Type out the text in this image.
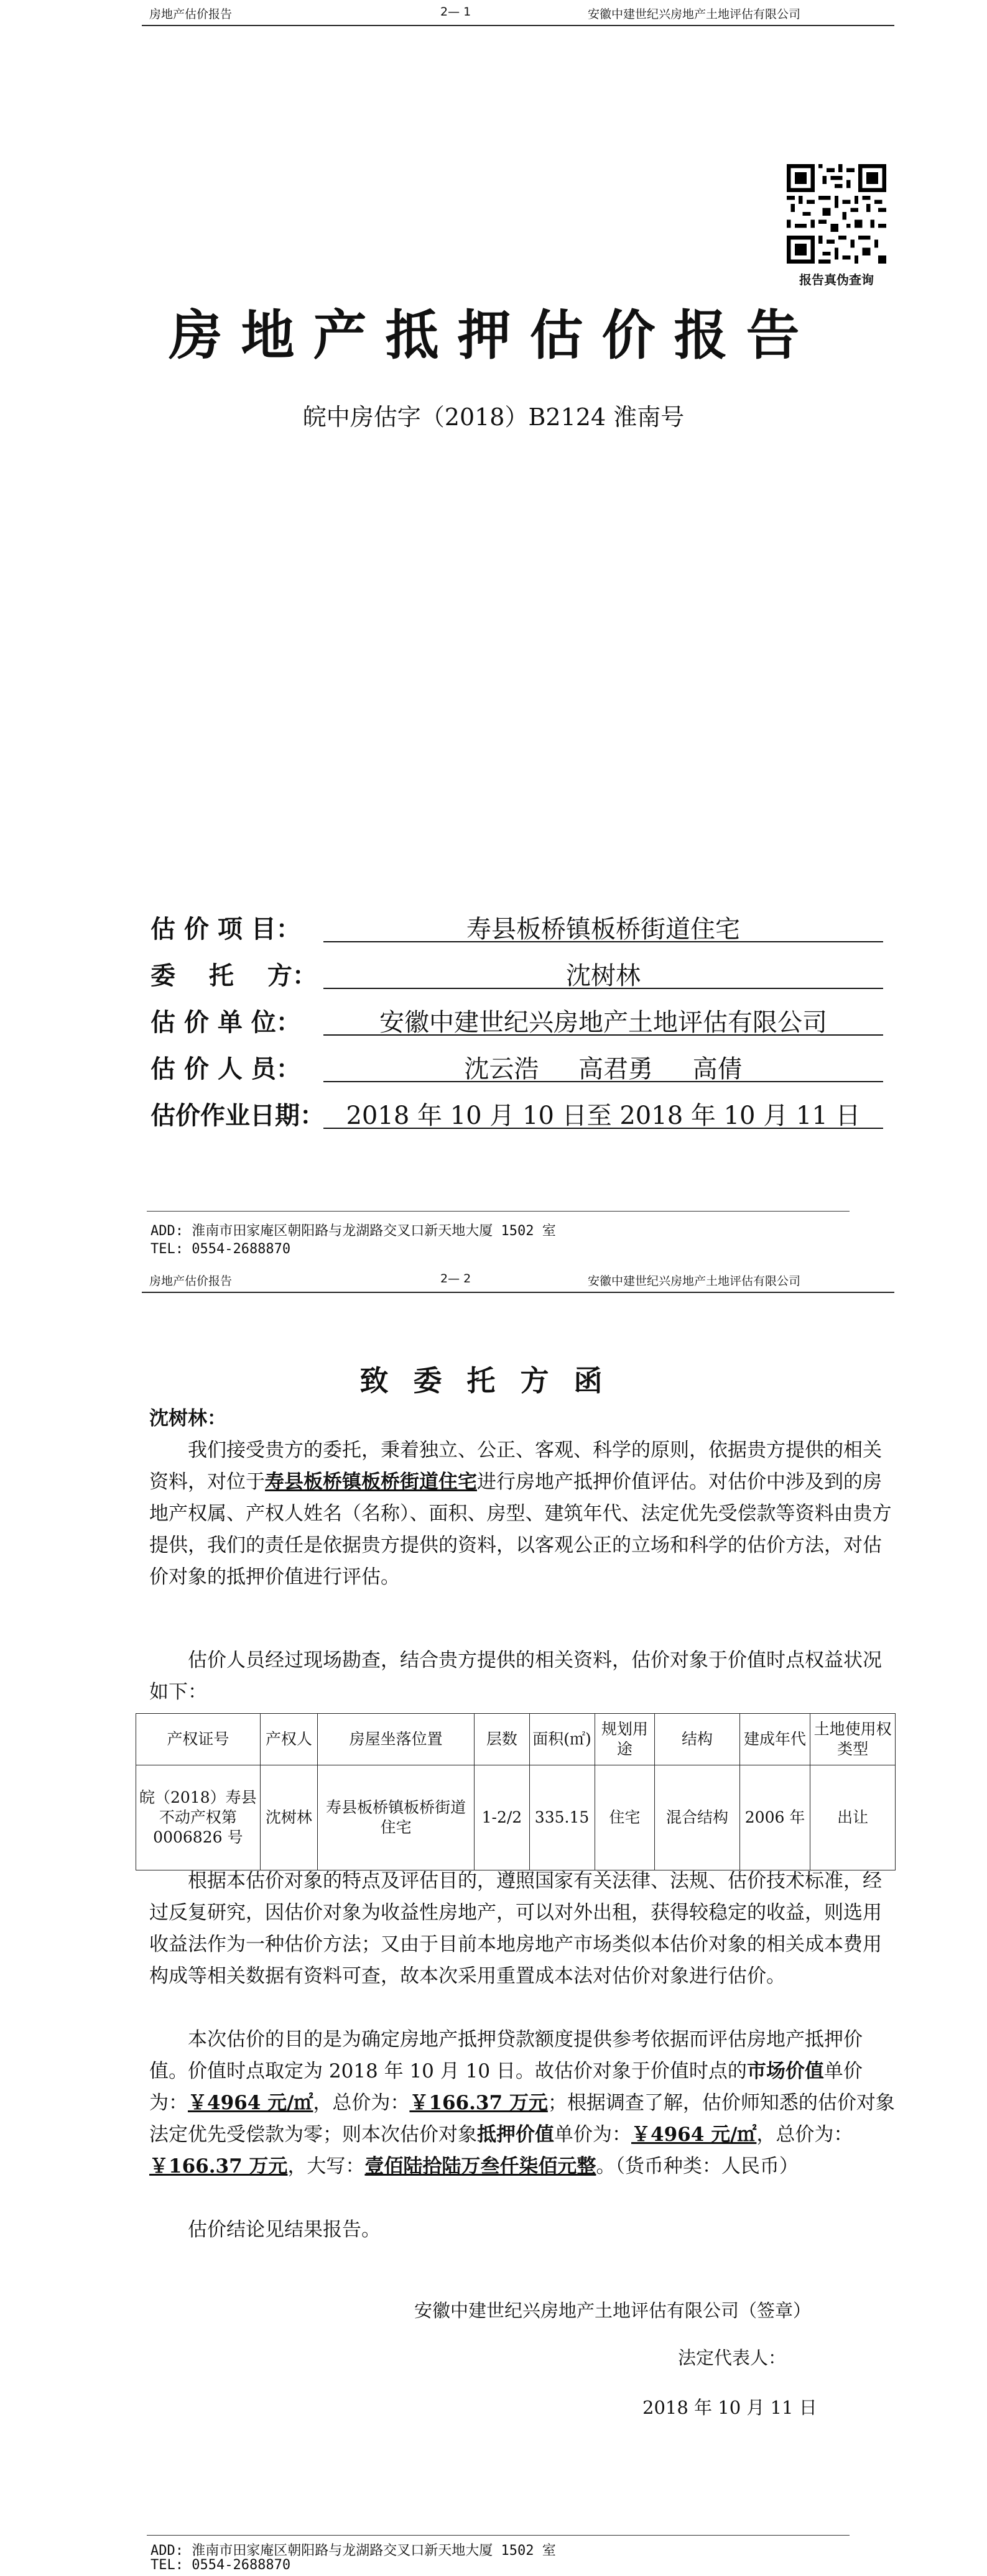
房地产估价报告	2— 1	安徽中建世纪兴房地产土地评估有限公司
报告真伪查询
房地产抵押估价报告
皖中房估字（2018）B2124 淮南号
估 价 项 目：	寿县板桥镇板桥街道住宅
委　 托　 方：	沈树林
估 价 单 位：	安徽中建世纪兴房地产土地评估有限公司
估 价 人 员：	沈云浩     高君勇     高倩
估价作业日期： 2018 年 10 月 10 日至 2018 年 10 月 11 日
ADD: 淮南市田家庵区朝阳路与龙湖路交叉口新天地大厦 1502 室
TEL: 0554-2688870
房地产估价报告	2— 2	安徽中建世纪兴房地产土地评估有限公司
致委托方函
沈树林：
我们接受贵方的委托，秉着独立、公正、客观、科学的原则，依据贵方提供的相关资料，对位于寿县板桥镇板桥街道住宅进行房地产抵押价值评估。对估价中涉及到的房地产权属、产权人姓名（名称）、面积、房型、建筑年代、法定优先受偿款等资料由贵方提供，我们的责任是依据贵方提供的资料，以客观公正的立场和科学的估价方法，对估价对象的抵押价值进行评估。
估价人员经过现场勘查，结合贵方提供的相关资料，估价对象于价值时点权益状况如下：
产权证号	产权人	房屋坐落位置	层数	面积(㎡)	规划用途	结构	建成年代	土地使用权类型
皖（2018）寿县不动产权第 0006826 号	沈树林	寿县板桥镇板桥街道住宅	1-2/2	335.15	住宅	混合结构	2006 年	出让
根据本估价对象的特点及评估目的，遵照国家有关法律、法规、估价技术标准，经过反复研究，因估价对象为收益性房地产，可以对外出租，获得较稳定的收益，则选用收益法作为一种估价方法；又由于目前本地房地产市场类似本估价对象的相关成本费用构成等相关数据有资料可查，故本次采用重置成本法对估价对象进行估价。
本次估价的目的是为确定房地产抵押贷款额度提供参考依据而评估房地产抵押价值。价值时点取定为 2018 年 10 月 10 日。故估价对象于价值时点的市场价值单价为：￥4964 元/㎡，总价为：￥166.37 万元；根据调查了解，估价师知悉的估价对象法定优先受偿款为零；则本次估价对象抵押价值单价为：￥4964 元/㎡，总价为：￥166.37 万元，大写：壹佰陆拾陆万叁仟柒佰元整。（货币种类：人民币）
估价结论见结果报告。
安徽中建世纪兴房地产土地评估有限公司（签章）
法定代表人：
2018 年 10 月 11 日
ADD: 淮南市田家庵区朝阳路与龙湖路交叉口新天地大厦 1502 室
TEL: 0554-2688870
